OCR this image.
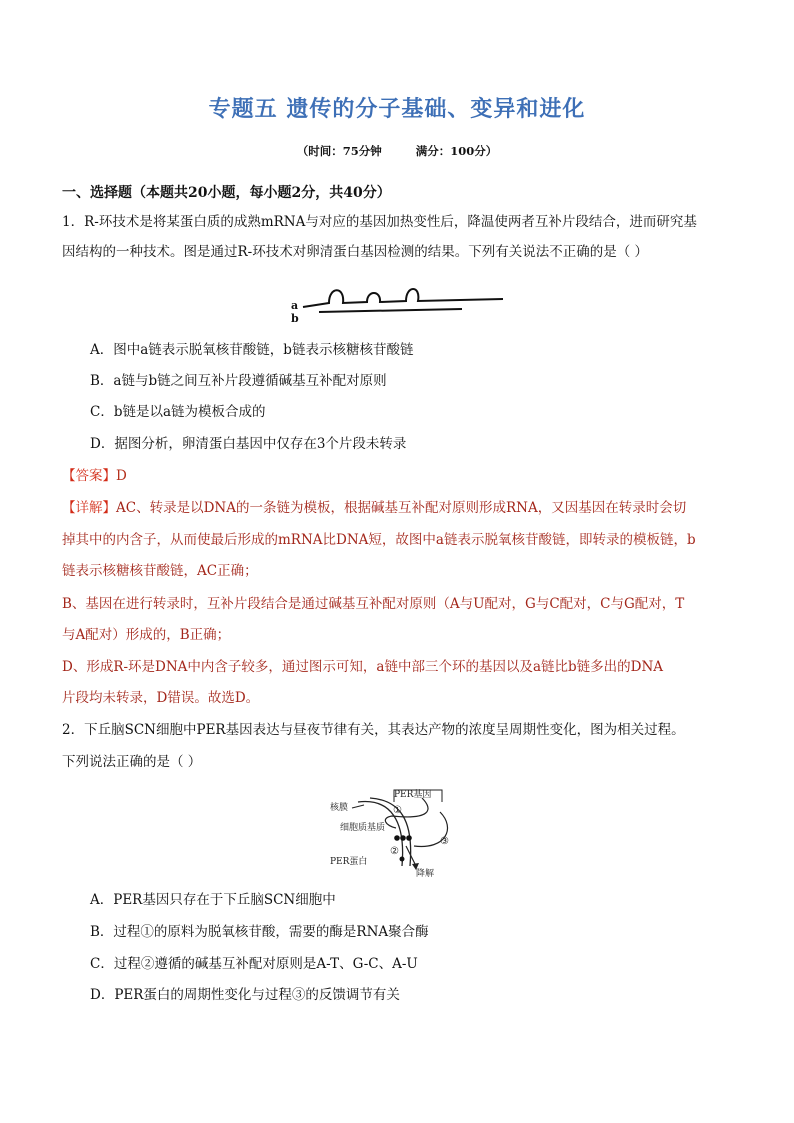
专题五 遗传的分子基础、变异和进化
（时间：75分钟	满分：100分）
一、选择题（本题共20小题，每小题2分，共40分）
1．R-环技术是将某蛋白质的成熟mRNA与对应的基因加热变性后，降温使两者互补片段结合，进而研究基
因结构的一种技术。图是通过R-环技术对卵清蛋白基因检测的结果。下列有关说法不正确的是（ ）
a
b
A．图中a链表示脱氧核苷酸链，b链表示核糖核苷酸链
B．a链与b链之间互补片段遵循碱基互补配对原则
C．b链是以a链为模板合成的
D．据图分析，卵清蛋白基因中仅存在3个片段未转录
【答案】D
【详解】AC、转录是以DNA的一条链为模板，根据碱基互补配对原则形成RNA，又因基因在转录时会切
掉其中的内含子，从而使最后形成的mRNA比DNA短，故图中a链表示脱氧核苷酸链，即转录的模板链，b
链表示核糖核苷酸链，AC正确；
B、基因在进行转录时，互补片段结合是通过碱基互补配对原则（A与U配对，G与C配对，C与G配对，T
与A配对）形成的，B正确；
D、形成R-环是DNA中内含子较多，通过图示可知，a链中部三个环的基因以及a链比b链多出的DNA
片段均未转录，D错误。故选D。
2．下丘脑SCN细胞中PER基因表达与昼夜节律有关，其表达产物的浓度呈周期性变化，图为相关过程。
下列说法正确的是（ ）
PER基因
核膜	①
细胞质基质
②
③
PER蛋白
降解
A．PER基因只存在于下丘脑SCN细胞中
B．过程①的原料为脱氧核苷酸，需要的酶是RNA聚合酶
C．过程②遵循的碱基互补配对原则是A-T、G-C、A-U
D．PER蛋白的周期性变化与过程③的反馈调节有关
